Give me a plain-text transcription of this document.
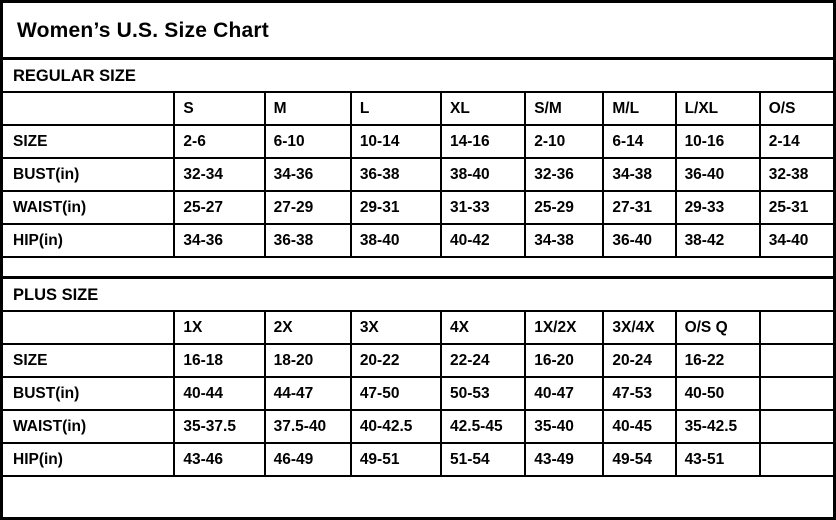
Women’s U.S. Size Chart
REGULAR SIZE
	S	M	L	XL	S/M	M/L	L/XL	O/S
SIZE	2-6	6-10	10-14	14-16	2-10	6-14	10-16	2-14
BUST(in)	32-34	34-36	36-38	38-40	32-36	34-38	36-40	32-38
WAIST(in)	25-27	27-29	29-31	31-33	25-29	27-31	29-33	25-31
HIP(in)	34-36	36-38	38-40	40-42	34-38	36-40	38-42	34-40
PLUS SIZE
	1X	2X	3X	4X	1X/2X	3X/4X	O/S Q	
SIZE	16-18	18-20	20-22	22-24	16-20	20-24	16-22	
BUST(in)	40-44	44-47	47-50	50-53	40-47	47-53	40-50	
WAIST(in)	35-37.5	37.5-40	40-42.5	42.5-45	35-40	40-45	35-42.5	
HIP(in)	43-46	46-49	49-51	51-54	43-49	49-54	43-51	
